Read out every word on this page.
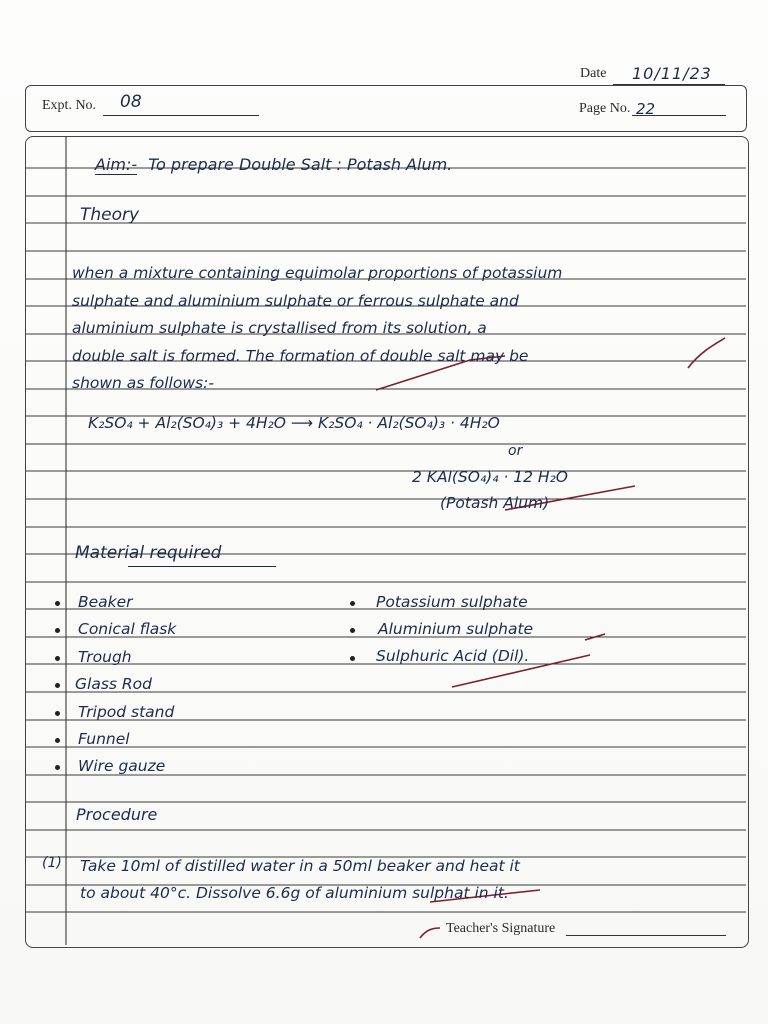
Date 10/11/23
Expt. No. 08	Page No. 22
Aim:- To prepare Double Salt : Potash Alum.
Theory
when a mixture containing equimolar proportions of potassium
sulphate and aluminium sulphate or ferrous sulphate and
aluminium sulphate is crystallised from its solution, a
double salt is formed. The formation of double salt may be
shown as follows:-
K₂SO₄ + Al₂(SO₄)₃ + 4H₂O ⟶ K₂SO₄ · Al₂(SO₄)₃ · 4H₂O
or
2 KAl(SO₄)₄ · 12 H₂O
(Potash Alum)
Material required
Beaker
Conical flask
Trough
Glass Rod
Tripod stand
Funnel
Wire gauze
Potassium sulphate
Aluminium sulphate
Sulphuric Acid (Dil).
Procedure
(1) Take 10ml of distilled water in a 50ml beaker and heat it
to about 40°c. Dissolve 6.6g of aluminium sulphat in it.
Teacher's Signature
